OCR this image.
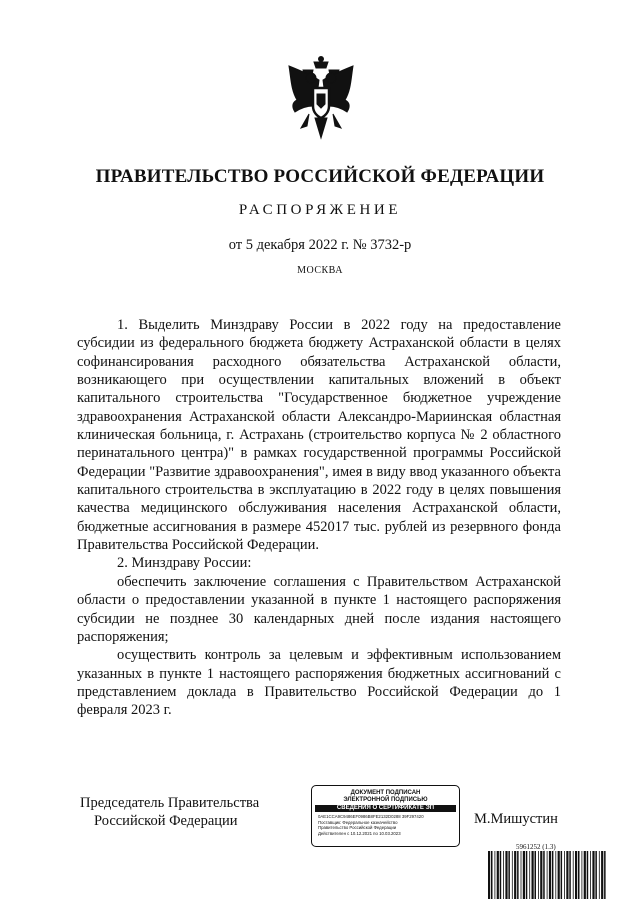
ПРАВИТЕЛЬСТВО РОССИЙСКОЙ ФЕДЕРАЦИИ
РАСПОРЯЖЕНИЕ
от 5 декабря 2022 г. № 3732-р
МОСКВА

1. Выделить Минздраву России в 2022 году на предоставление субсидии из федерального бюджета бюджету Астраханской области в целях софинансирования расходного обязательства Астраханской области, возникающего при осуществлении капитальных вложений в объект капитального строительства "Государственное бюджетное учреждение здравоохранения Астраханской области Александро-Мариинская областная клиническая больница, г. Астрахань (строительство корпуса № 2 областного перинатального центра)" в рамках государственной программы Российской Федерации "Развитие здравоохранения", имея в виду ввод указанного объекта капитального строительства в эксплуатацию в 2022 году в целях повышения качества медицинского обслуживания населения Астраханской области, бюджетные ассигнования в размере 452017 тыс. рублей из резервного фонда Правительства Российской Федерации.

2. Минздраву России:

обеспечить заключение соглашения с Правительством Астраханской области о предоставлении указанной в пункте 1 настоящего распоряжения субсидии не позднее 30 календарных дней после издания настоящего распоряжения;

осуществить контроль за целевым и эффективным использованием указанных в пункте 1 настоящего распоряжения бюджетных ассигнований с представлением доклада в Правительство Российской Федерации до 1 февраля 2023 г.

Председатель Правительства
Российской Федерации
ДОКУМЕНТ ПОДПИСАН
ЭЛЕКТРОННОЙ ПОДПИСЬЮ
СВЕДЕНИЯ О СЕРТИФИКАТЕ ЭП
0AE1CCA9C9486EF0986B8FE2132D0288 39F297420
Поставщик: Федеральное казначейство
Правительство Российской Федерации
Действителен с 10.12.2021 по 10.03.2023
М.Мишустин
5961252 (1.3)
